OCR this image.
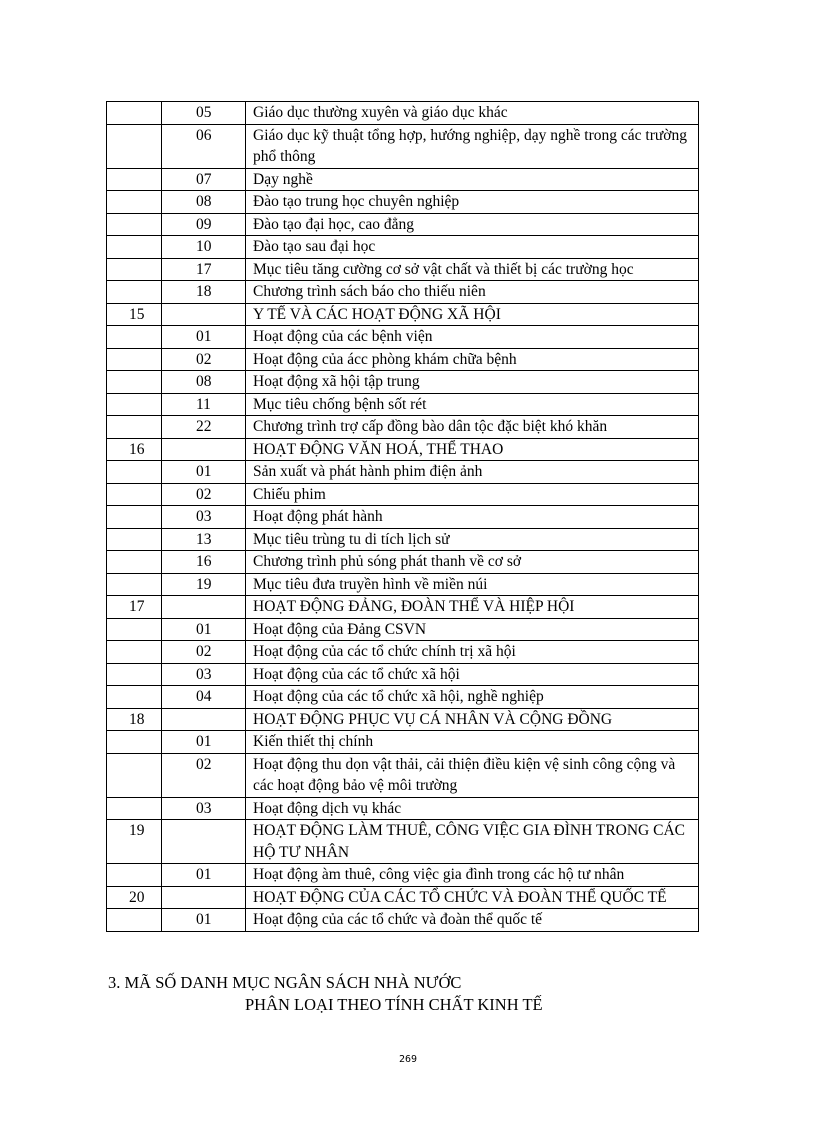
	05	Giáo dục thường xuyên và giáo dục khác
	06	Giáo dục kỹ thuật tổng hợp, hướng nghiệp, dạy nghề trong các trường phổ thông
	07	Dạy nghề
	08	Đào tạo trung học chuyên nghiệp
	09	Đào tạo đại học, cao đẳng
	10	Đào tạo sau đại học
	17	Mục tiêu tăng cường cơ sở vật chất và thiết bị các trường học
	18	Chương trình sách báo cho thiếu niên
15		Y TẾ VÀ CÁC HOẠT ĐỘNG XÃ HỘI
	01	Hoạt động của các bệnh viện
	02	Hoạt động của ácc phòng khám chữa bệnh
	08	Hoạt động xã hội tập trung
	11	Mục tiêu chống bệnh sốt rét
	22	Chương trình trợ cấp đồng bào dân tộc đặc biệt khó khăn
16		HOẠT ĐỘNG VĂN HOÁ, THỂ THAO
	01	Sản xuất và phát hành phim điện ảnh
	02	Chiếu phim
	03	Hoạt động phát hành
	13	Mục tiêu trùng tu di tích lịch sử
	16	Chương trình phủ sóng phát thanh về cơ sở
	19	Mục tiêu đưa truyền hình về miền núi
17		HOẠT ĐỘNG ĐẢNG, ĐOÀN THỂ VÀ HIỆP HỘI
	01	Hoạt động của Đảng CSVN
	02	Hoạt động của các tổ chức chính trị xã hội
	03	Hoạt động của các tổ chức xã hội
	04	Hoạt động của các tổ chức xã hội, nghề nghiệp
18		HOẠT ĐỘNG PHỤC VỤ CÁ NHÂN VÀ CỘNG ĐỒNG
	01	Kiến thiết thị chính
	02	Hoạt động thu dọn vật thải, cải thiện điều kiện vệ sinh công cộng và các hoạt động bảo vệ môi trường
	03	Hoạt động dịch vụ khác
19		HOẠT ĐỘNG LÀM THUÊ, CÔNG VIỆC GIA ĐÌNH TRONG CÁC HỘ TƯ NHÂN
	01	Hoạt động àm thuê, công việc gia đình trong các hộ tư nhân
20		HOẠT ĐỘNG CỦA CÁC TỔ CHỨC VÀ ĐOÀN THỂ QUỐC TẾ
	01	Hoạt động của các tổ chức và đoàn thể quốc tế
3. MÃ SỐ DANH MỤC NGÂN SÁCH NHÀ NƯỚC
PHÂN LOẠI THEO TÍNH CHẤT KINH TẾ
269
